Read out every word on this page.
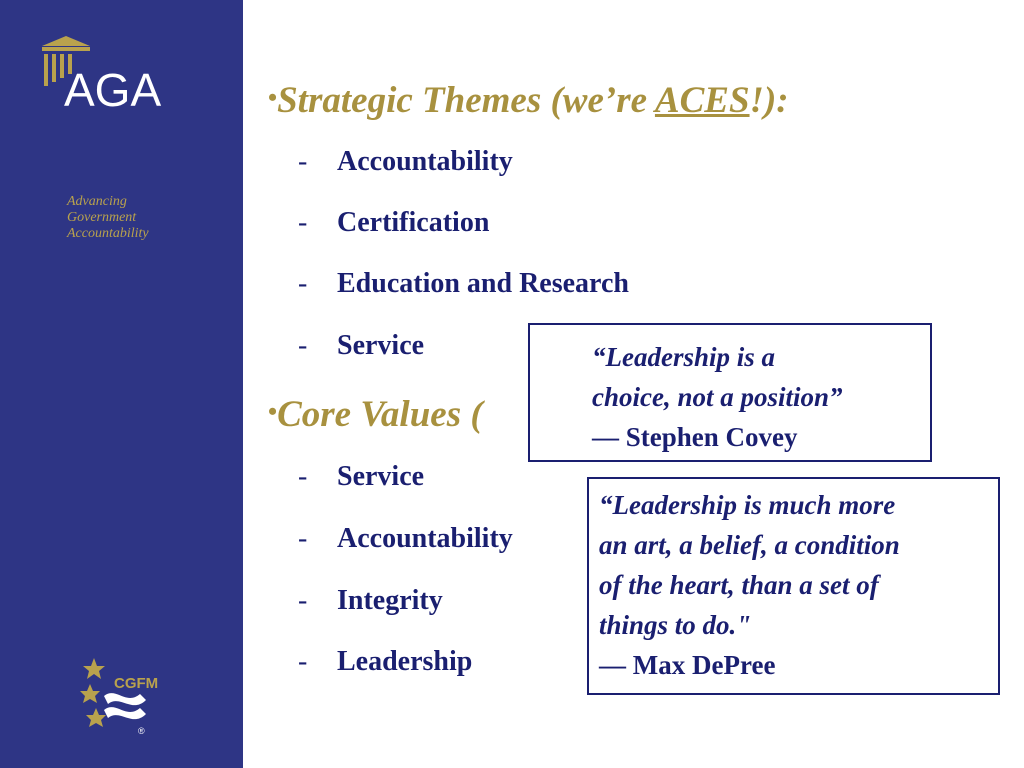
AGA
Advancing
Government
Accountability
CGFM
®
•Strategic Themes (we’re ACES!):
- Accountability
- Certification
- Education and Research
- Service
•Core Values (
- Service
- Accountability
- Integrity
- Leadership
“Leadership is a
choice, not a position”
— Stephen Covey
“Leadership is much more
an art, a belief, a condition
of the heart, than a set of
things to do."
— Max DePree
